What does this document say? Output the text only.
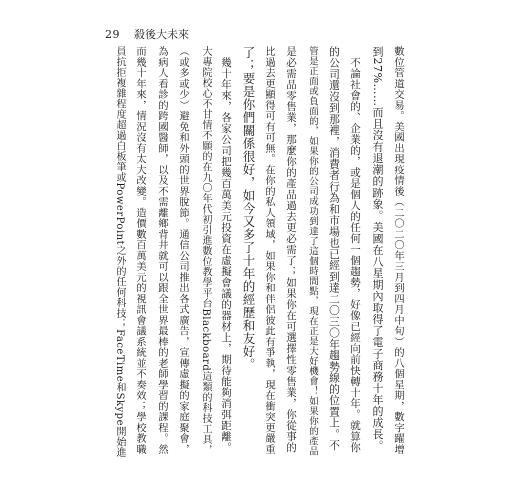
29 殺後大未來
數位管道交易。美國出現疫情後（二〇二〇年三月到四月中旬）的八個星期，數字躍增
到27%……而且沒有退潮的跡象。美國在八星期內取得了電子商務十年的成長。
　不論社會的、企業的，或是個人的任何一個趨勢，好像已經向前快轉十年。就算你
的公司還沒到那裡，消費者行為和市場也已經到達二〇三〇年趨勢線的位置上。不
管是正面或負面的，如果你的公司成功到達了這個時間點，現在正是大好機會！如果你的產品
是必需品零售業，那麼你的產品過去更必需了；如果你在可選擇性零售業，你從事的
比過去更顯得可有可無。在你的私人領域，如果你和伴侶彼此有爭執，現在衝突更嚴重
了；要是你們關係很好，如今又多了十年的經歷和友好。
　幾十年來，各家公司把幾百萬美元投資在虛擬會議的器材上，期待能夠消弭距離。
大專院校心不甘情不願的在九〇年代初引進數位教學平台Blackboard這類的科技工具，
（或多或少）避免和外頭的世界脫節。通信公司推出各式廣告，宣傳虛擬的家庭聚會，
為病人看診的跨國醫師，以及不需離鄉背井就可以跟全世界最棒的老師學習的課程。然
而幾十年來，情況沒有太大改變。造價數百萬美元的視訊會議系統並不奏效；學校教職
員抗拒複雜程度超過白板筆或PowerPoint之外的任何科技；FaceTime和Skype開始進
